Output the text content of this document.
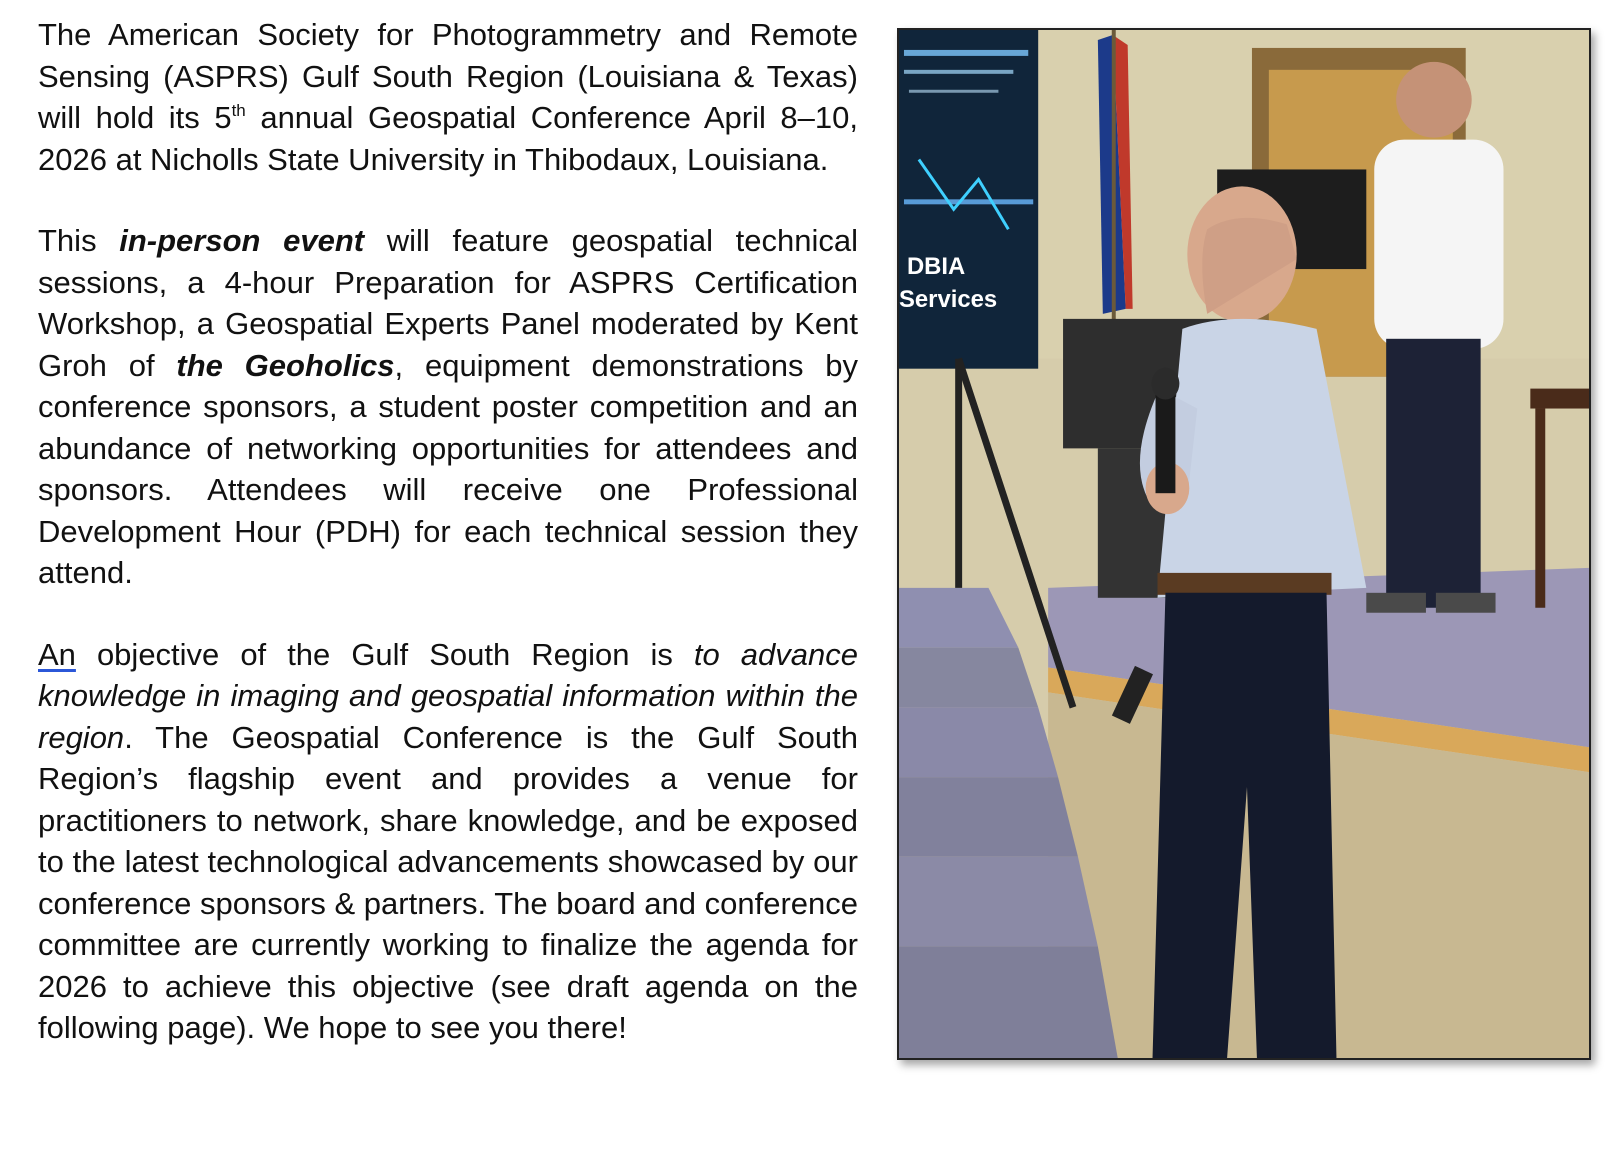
The American Society for Photogrammetry and Remote Sensing (ASPRS) Gulf South Region (Louisiana & Texas) will hold its 5th annual Geospatial Conference April 8–10, 2026 at Nicholls State University in Thibodaux, Louisiana.

This in-person event will feature geospatial technical sessions, a 4-hour Preparation for ASPRS Certification Workshop, a Geospatial Experts Panel moderated by Kent Groh of the Geoholics, equipment demonstrations by conference sponsors, a student poster competition and an abundance of networking opportunities for attendees and sponsors. Attendees will receive one Professional Development Hour (PDH) for each technical session they attend.

An objective of the Gulf South Region is to advance knowledge in imaging and geospatial information within the region. The Geospatial Conference is the Gulf South Region’s flagship event and provides a venue for practitioners to network, share knowledge, and be exposed to the latest technological advancements showcased by our conference sponsors & partners. The board and conference committee are currently working to finalize the agenda for 2026 to achieve this objective (see draft agenda on the following page). We hope to see you there!

DBIA
Services
